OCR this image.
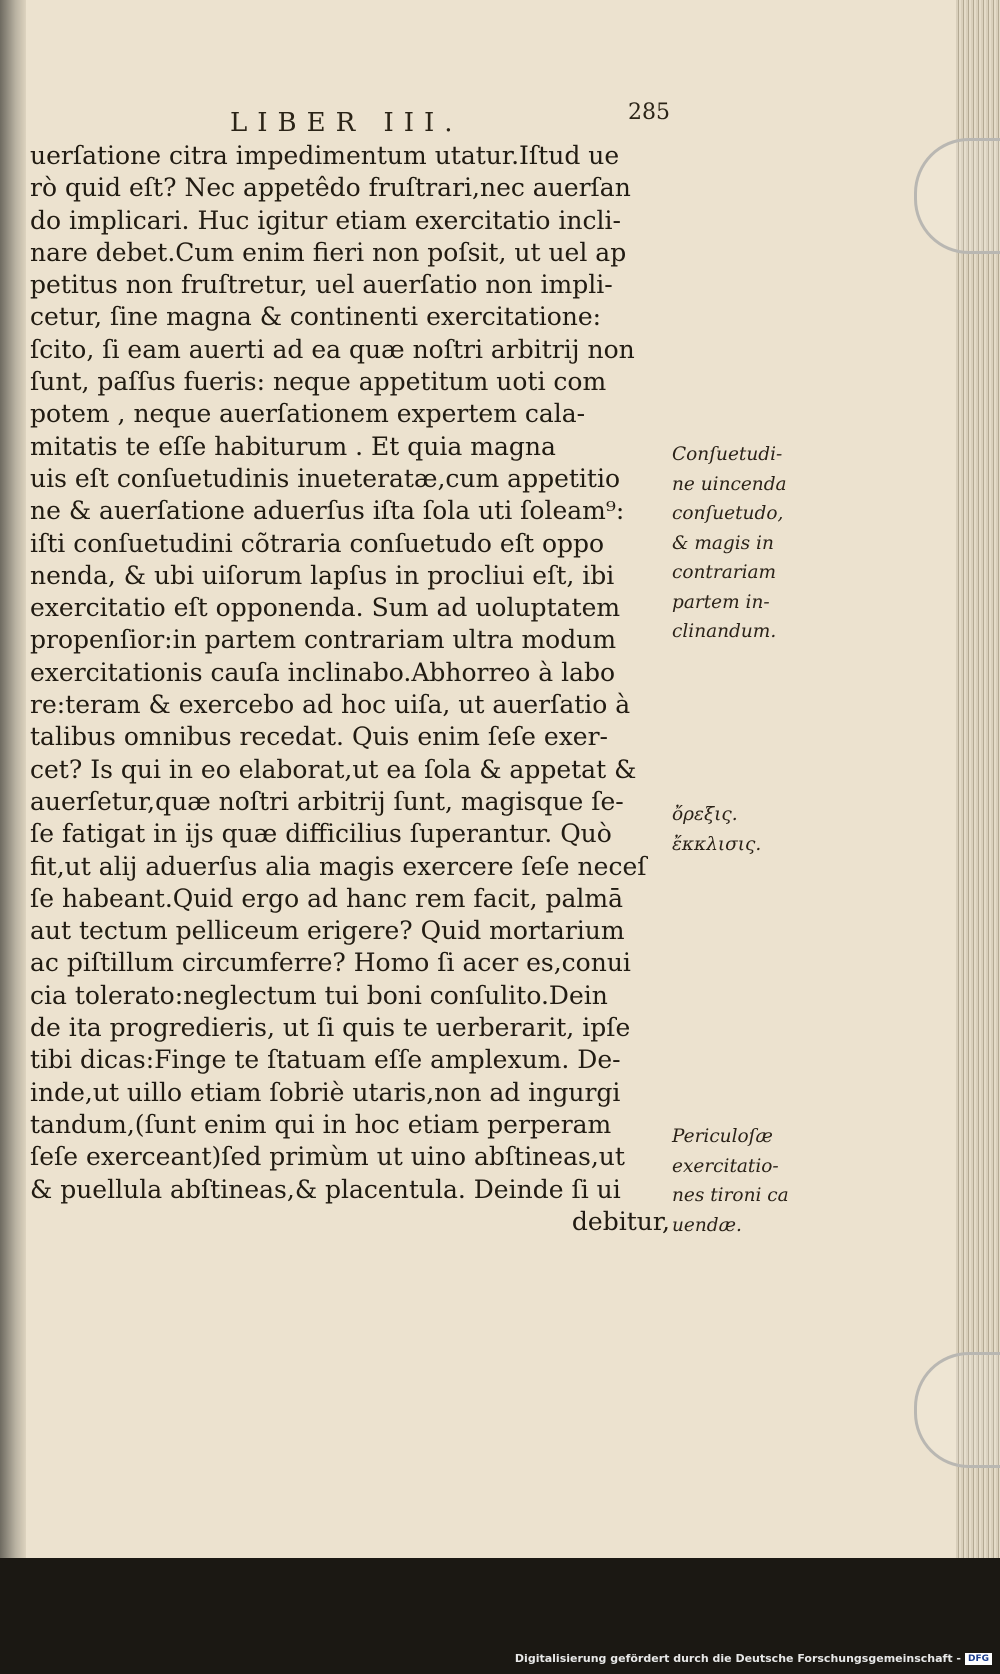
LIBER III.	285
uerſatione citra impedimentum utatur.Iſtud ue
rò quid eſt? Nec appetêdo fruſtrari,nec auerſan
do implicari. Huc igitur etiam exercitatio incli-
nare debet.Cum enim fieri non poſsit, ut uel ap
petitus non fruſtretur, uel auerſatio non impli-
cetur, ſine magna & continenti exercitatione:
ſcito, ſi eam auerti ad ea quæ noſtri arbitrij non
ſunt, paſſus fueris: neque appetitum uoti com
potem , neque auerſationem expertem cala-
mitatis te eſſe habiturum . Et quia magna
uis eſt conſuetudinis inueteratæ,cum appetitio
ne & auerſatione aduerſus iſta ſola uti ſoleam⁹:
iſti conſuetudini cõtraria conſuetudo eſt oppo
nenda, & ubi uiſorum lapſus in procliui eſt, ibi
exercitatio eſt opponenda. Sum ad uoluptatem
propenſior:in partem contrariam ultra modum
exercitationis cauſa inclinabo.Abhorreo à labo
re:teram & exercebo ad hoc uiſa, ut auerſatio à
talibus omnibus recedat. Quis enim ſeſe exer-
cet? Is qui in eo elaborat,ut ea ſola & appetat &
auerſetur,quæ noſtri arbitrij ſunt, magisque ſe-
ſe fatigat in ijs quæ difficilius ſuperantur. Quò
fit,ut alij aduerſus alia magis exercere ſeſe neceſ
ſe habeant.Quid ergo ad hanc rem facit, palmā
aut tectum pelliceum erigere? Quid mortarium
ac piſtillum circumferre? Homo ſi acer es,conui
cia tolerato:neglectum tui boni conſulito.Dein
de ita progredieris, ut ſi quis te uerberarit, ipſe
tibi dicas:Finge te ſtatuam eſſe amplexum. De-
inde,ut uillo etiam ſobriè utaris,non ad ingurgi
tandum,(ſunt enim qui in hoc etiam perperam
ſeſe exerceant)ſed primùm ut uino abſtineas,ut
& puellula abſtineas,& placentula. Deinde ſi ui
debitur,
Conſuetudi-
ne uincenda
conſuetudo,
& magis in
contrariam
partem in-
clinandum.
ὄρεξις.
ἔκκλισις.
Periculoſæ
exercitatio-
nes tironi ca
uendæ.
Digitalisierung gefördert durch die Deutsche Forschungsgemeinschaft - DFG
